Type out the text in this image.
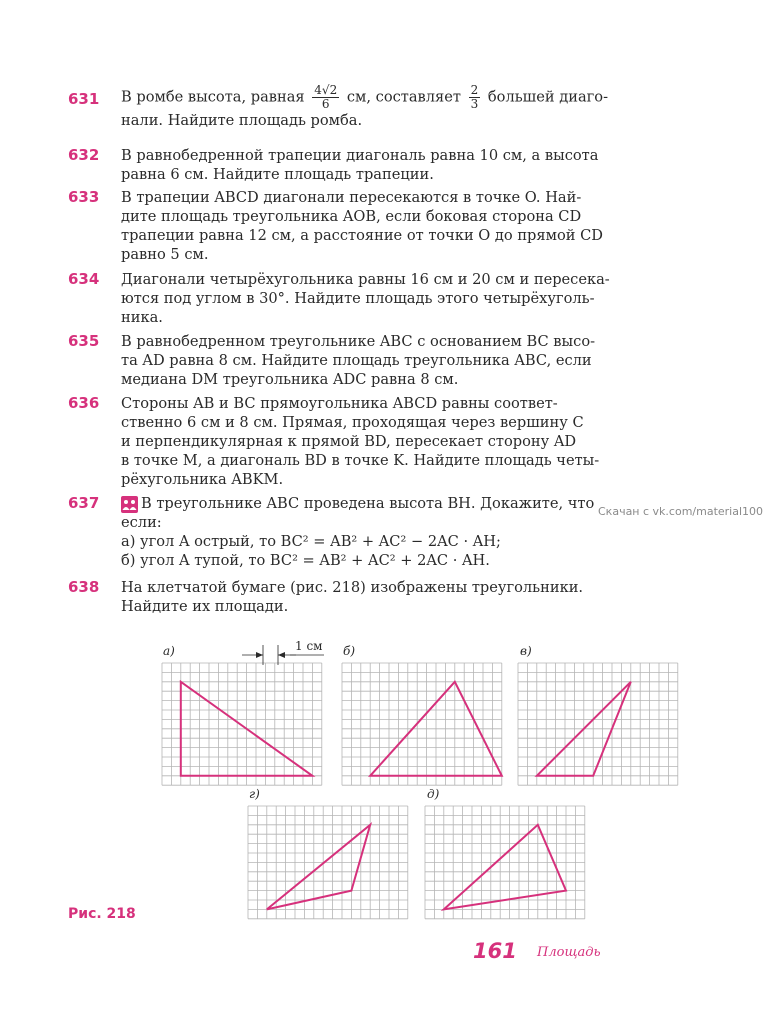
631 В ромбе высота, равная $\frac{4√2}{6}$ см, составляет $\frac{2}{3}$ большей диаго-
нали. Найдите площадь ромба.
632 В равнобедренной трапеции диагональ равна 10 см, а высота
равна 6 см. Найдите площадь трапеции.
633 В трапеции ABCD диагонали пересекаются в точке O. Най-
дите площадь треугольника AOB, если боковая сторона CD
трапеции равна 12 см, а расстояние от точки O до прямой CD
равно 5 см.
634 Диагонали четырёхугольника равны 16 см и 20 см и пересека-
ются под углом в 30°. Найдите площадь этого четырёхуголь-
ника.
635 В равнобедренном треугольнике ABC с основанием BC высо-
та AD равна 8 см. Найдите площадь треугольника ABC, если
медиана DM треугольника ADC равна 8 см.
636 Стороны AB и BC прямоугольника ABCD равны соответ-
ственно 6 см и 8 см. Прямая, проходящая через вершину C
и перпендикулярная к прямой BD, пересекает сторону AD
в точке M, а диагональ BD в точке K. Найдите площадь четы-
рёхугольника ABKM.
637	В треугольнике ABC проведена высота BH. Докажите, что
если:
а) угол A острый, то BC² = AB² + AC² − 2AC · AH;
б) угол A тупой, то BC² = AB² + AC² + 2AC · AH.
Скачан с vk.com/material100
638 На клетчатой бумаге (рис. 218) изображены треугольники.
Найдите их площади.
а)	б)	в)
г)	д)
1 см
Рис. 218
161 Площадь
